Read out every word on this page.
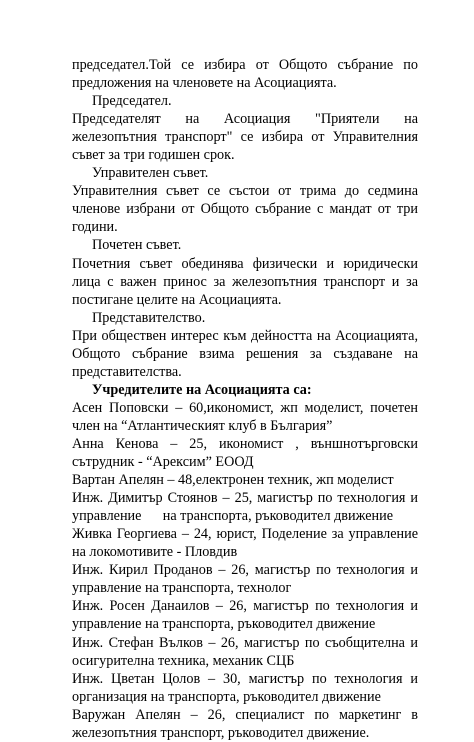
председател.Той се избира от Общото събрание по предложения на членовете на Асоциацията.

Председател.

Председателят на Асоциация "Приятели на железопътния транспорт" се избира от Управителния съвет за три годишен срок.

Управителен съвет.

Управителния съвет се състои от трима до седмина членове избрани от Общото събрание с мандат от три години.

Почетен съвет.

Почетния съвет обединява физически и юридически лица с важен принос за железопътния транспорт и за постигане целите на Асоциацията.

Представителство.

При обществен интерес към дейността на Асоциацията, Общото събрание взима решения за създаване на представителства.

Учредителите на Асоциацията са:

Асен Поповски – 60,икономист, жп моделист, почетен член на “Атлантическият клуб в България”

Анна Кенова – 25, икономист , външнотърговски сътрудник - “Арексим” ЕООД

Вартан Апелян – 48,електронен техник, жп моделист

Инж. Димитър Стоянов – 25, магистър по технология и управление      на транспорта, ръководител движение

Живка Георгиева – 24, юрист, Поделение за управление на локомотивите - Пловдив

Инж. Кирил Проданов – 26, магистър по технология и управление на транспорта, технолог

Инж. Росен Данаилов – 26, магистър по технология и управление на транспорта, ръководител движение

Инж. Стефан Вълков – 26, магистър по съобщителна и осигурителна техника, механик СЦБ

Инж. Цветан Цолов – 30, магистър по технология и организация на транспорта, ръководител движение

Варужан Апелян – 26, специалист по маркетинг в железопътния транспорт, ръководител движение.
